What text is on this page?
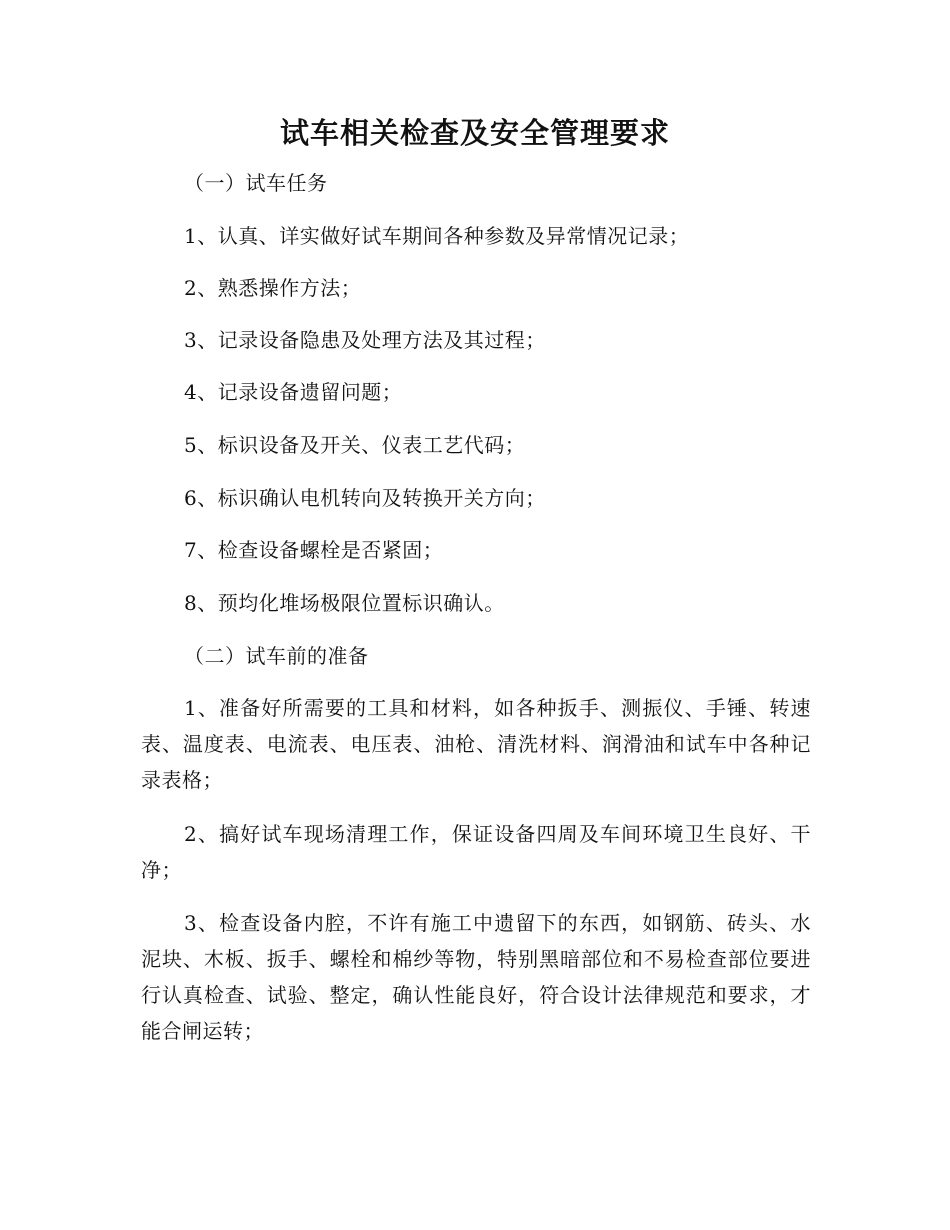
试车相关检查及安全管理要求
（一）试车任务
1、认真、详实做好试车期间各种参数及异常情况记录；
2、熟悉操作方法；
3、记录设备隐患及处理方法及其过程；
4、记录设备遗留问题；
5、标识设备及开关、仪表工艺代码；
6、标识确认电机转向及转换开关方向；
7、检查设备螺栓是否紧固；
8、预均化堆场极限位置标识确认。
（二）试车前的准备
1、准备好所需要的工具和材料，如各种扳手、测振仪、手锤、转速表、温度表、电流表、电压表、油枪、清洗材料、润滑油和试车中各种记录表格；
2、搞好试车现场清理工作，保证设备四周及车间环境卫生良好、干净；
3、检查设备内腔，不许有施工中遗留下的东西，如钢筋、砖头、水泥块、木板、扳手、螺栓和棉纱等物，特别黑暗部位和不易检查部位要进行认真检查、试验、整定，确认性能良好，符合设计法律规范和要求，才能合闸运转；
